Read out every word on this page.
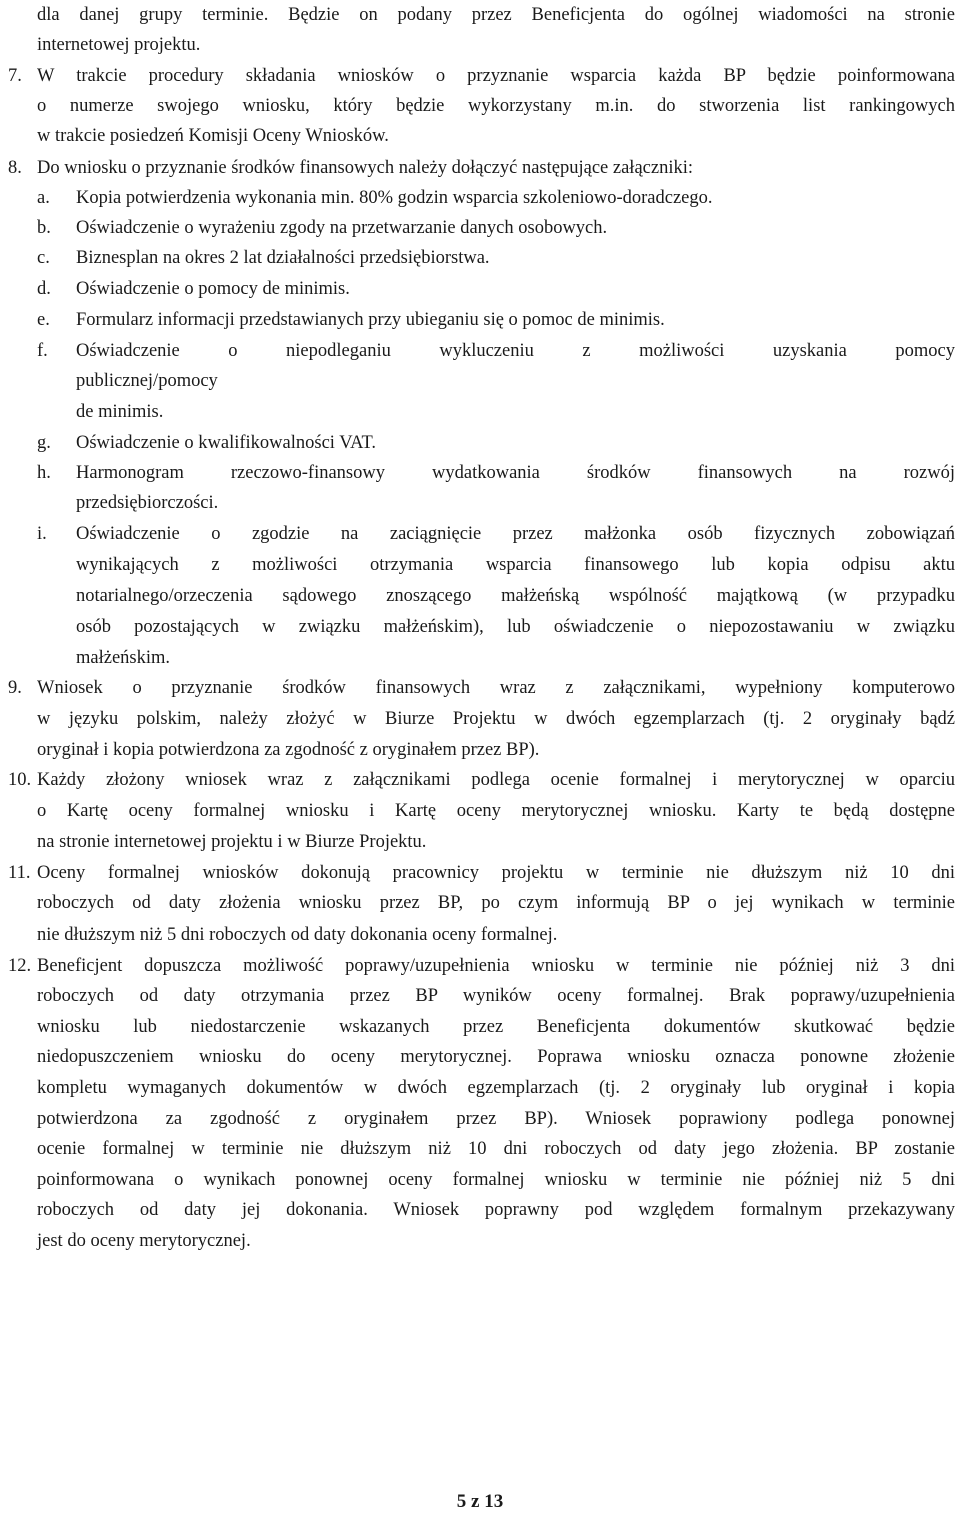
dla danej grupy terminie. Będzie on podany przez Beneficjenta do ogólnej wiadomości na stronie
internetowej projektu.
7. W trakcie procedury składania wniosków o przyznanie wsparcia każda BP będzie poinformowana
o numerze swojego wniosku, który będzie wykorzystany m.in. do stworzenia list rankingowych
w trakcie posiedzeń Komisji Oceny Wniosków.
8. Do wniosku o przyznanie środków finansowych należy dołączyć następujące załączniki:
a. Kopia potwierdzenia wykonania min. 80% godzin wsparcia szkoleniowo-doradczego.
b. Oświadczenie o wyrażeniu zgody na przetwarzanie danych osobowych.
c. Biznesplan na okres 2 lat działalności przedsiębiorstwa.
d. Oświadczenie o pomocy de minimis.
e. Formularz informacji przedstawianych przy ubieganiu się o pomoc de minimis.
f. Oświadczenie o niepodleganiu wykluczeniu z możliwości uzyskania pomocy
publicznej/pomocy
de minimis.
g. Oświadczenie o kwalifikowalności VAT.
h. Harmonogram rzeczowo-finansowy wydatkowania środków finansowych na rozwój
przedsiębiorczości.
i. Oświadczenie o zgodzie na zaciągnięcie przez małżonka osób fizycznych zobowiązań
wynikających z możliwości otrzymania wsparcia finansowego lub kopia odpisu aktu
notarialnego/orzeczenia sądowego znoszącego małżeńską wspólność majątkową (w przypadku
osób pozostających w związku małżeńskim), lub oświadczenie o niepozostawaniu w związku
małżeńskim.
9. Wniosek o przyznanie środków finansowych wraz z załącznikami, wypełniony komputerowo
w języku polskim, należy złożyć w Biurze Projektu w dwóch egzemplarzach (tj. 2 oryginały bądź
oryginał i kopia potwierdzona za zgodność z oryginałem przez BP).
10. Każdy złożony wniosek wraz z załącznikami podlega ocenie formalnej i merytorycznej w oparciu
o Kartę oceny formalnej wniosku i Kartę oceny merytorycznej wniosku. Karty te będą dostępne
na stronie internetowej projektu i w Biurze Projektu.
11. Oceny formalnej wniosków dokonują pracownicy projektu w terminie nie dłuższym niż 10 dni
roboczych od daty złożenia wniosku przez BP, po czym informują BP o jej wynikach w terminie
nie dłuższym niż 5 dni roboczych od daty dokonania oceny formalnej.
12. Beneficjent dopuszcza możliwość poprawy/uzupełnienia wniosku w terminie nie później niż 3 dni
roboczych od daty otrzymania przez BP wyników oceny formalnej. Brak poprawy/uzupełnienia
wniosku lub niedostarczenie wskazanych przez Beneficjenta dokumentów skutkować będzie
niedopuszczeniem wniosku do oceny merytorycznej. Poprawa wniosku oznacza ponowne złożenie
kompletu wymaganych dokumentów w dwóch egzemplarzach (tj. 2 oryginały lub oryginał i kopia
potwierdzona za zgodność z oryginałem przez BP). Wniosek poprawiony podlega ponownej
ocenie formalnej w terminie nie dłuższym niż 10 dni roboczych od daty jego złożenia. BP zostanie
poinformowana o wynikach ponownej oceny formalnej wniosku w terminie nie później niż 5 dni
roboczych od daty jej dokonania. Wniosek poprawny pod względem formalnym przekazywany
jest do oceny merytorycznej.
5 z 13
